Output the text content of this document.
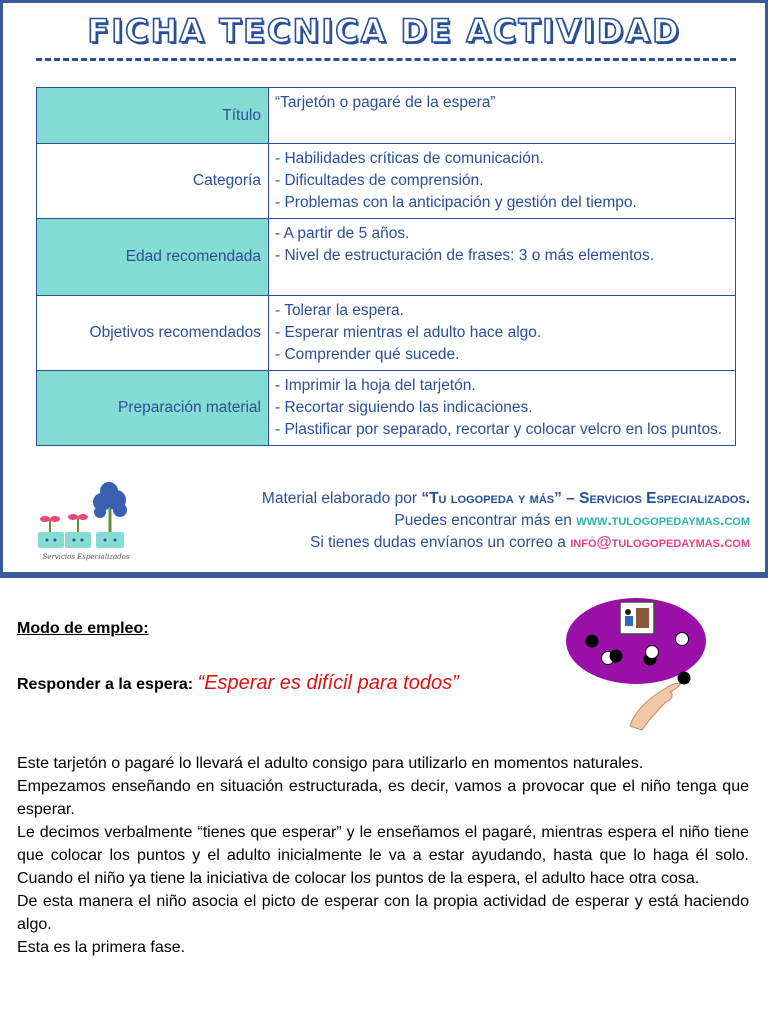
FICHA TECNICA DE ACTIVIDAD
Título	“Tarjetón o pagaré de la espera”

Categoría	- Habilidades críticas de comunicación.
- Dificultades de comprensión.
- Problemas con la anticipación y gestión del tiempo.

Edad recomendada	- A partir de 5 años.
- Nivel de estructuración de frases: 3 o más elementos.

Objetivos recomendados	- Tolerar la espera.
- Esperar mientras el adulto hace algo.
- Comprender qué sucede.

Preparación material	- Imprimir la hoja del tarjetón.
- Recortar siguiendo las indicaciones.
- Plastificar por separado, recortar y colocar velcro en los puntos.
Servicios Especializados
Material elaborado por “Tu logopeda y más” – Servicios Especializados.
Puedes encontrar más en www.tulogopedaymas.com
Si tienes dudas envíanos un correo a info@tulogopedaymas.com
Modo de empleo:
Responder a la espera: “Esperar es difícil para todos”

Este tarjetón o pagaré lo llevará el adulto consigo para utilizarlo en momentos naturales.

Empezamos enseñando en situación estructurada, es decir, vamos a provocar que el niño tenga que esperar.

Le decimos verbalmente “tienes que esperar” y le enseñamos el pagaré, mientras espera el niño tiene que colocar los puntos y el adulto inicialmente le va a estar ayudando, hasta que lo haga él solo. Cuando el niño ya tiene la iniciativa de colocar los puntos de la espera, el adulto hace otra cosa.

De esta manera el niño asocia el picto de esperar con la propia actividad de esperar y está haciendo algo.

Esta es la primera fase.
